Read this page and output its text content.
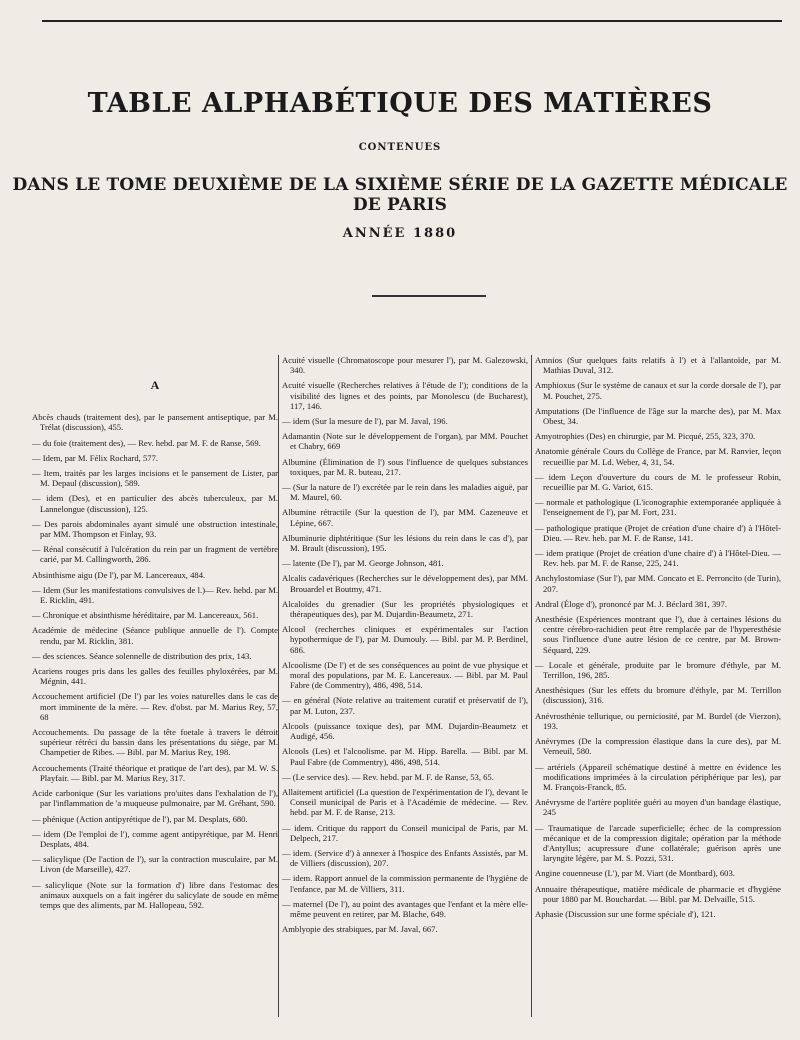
TABLE ALPHABÉTIQUE DES MATIÈRES
CONTENUES
DANS LE TOME DEUXIÈME DE LA SIXIÈME SÉRIE DE LA GAZETTE MÉDICALE DE PARIS
ANNÉE 1880
A
Abcès chauds (traitement des), par le pansement antiseptique, par M. Trélat (discussion), 455.
— du foie (traitement des), — Rev. hebd. par M. F. de Ranse, 569.
— Idem, par M. Félix Rochard, 577.
— Item, traités par les larges incisions et le pansement de Lister, par M. Depaul (discussion), 589.
— idem (Des), et en particulier des abcès tuberculeux, par M. Lannelongue (discussion), 125.
— Des parois abdominales ayant simulé une obstruction intestinale, par MM. Thompson et Finlay, 93.
— Rénal consécutif à l'ulcération du rein par un fragment de vertèbre carié, par M. Callingworth, 286.
Absinthisme aigu (De l'), par M. Lancereaux, 484.
— Idem (Sur les manifestations convulsives de l.)— Rev. hebd. par M. E. Ricklin, 491.
— Chronique et absinthisme héréditaire, par M. Lancereaux, 561.
Académie de médecine (Séance publique annuelle de l'). Compte rendu, par M. Ricklin, 381.
— des sciences. Séance solennelle de distribution des prix, 143.
Acariens rouges pris dans les galles des feuilles phyloxérées, par M. Mégnin, 441.
Accouchement artificiel (De l') par les voies naturelles dans le cas de mort imminente de la mère. — Rev. d'obst. par M. Marius Rey, 57, 68
Accouchements. Du passage de la tête foetale à travers le détroit supérieur rétréci du bassin dans les présentations du siège, par M. Champetier de Ribes. — Bibl. par M. Marius Rey, 198.
Accouchements (Traité théorique et pratique de l'art des), par M. W. S. Playfair. — Bibl. par M. Marius Rey, 317.
Acide carbonique (Sur les variations pro'uites dans l'exhalation de l'), par l'inflammation de 'a muqueuse pulmonaire, par M. Gréhant, 590.
— phénique (Action antipyrétique de l'), par M. Desplats, 680.
— idem (De l'emploi de l'), comme agent antipyrétique, par M. Henri Desplats, 484.
— salicylique (De l'action de l'), sur la contraction musculaire, par M. Livon (de Marseille), 427.
— salicylique (Note sur la formation d') libre dans l'estomac des animaux auxquels on a fait ingérer du salicylate de soude en même temps que des aliments, par M. Hallopeau, 592.
Acuité visuelle (Chromatoscope pour mesurer l'), par M. Galezowski, 340.
Acuité visuelle (Recherches relatives à l'étude de l'); conditions de la visibilité des lignes et des points, par Monolescu (de Bucharest), 117, 146.
— idem (Sur la mesure de l'), par M. Javal, 196.
Adamantin (Note sur le développement de l'organ), par MM. Pouchet et Chabry, 669
Albumine (Élimination de l') sous l'influence de quelques substances toxiques, par M. R. buteau, 217.
— (Sur la nature de l') excrétée par le rein dans les maladies aiguë, par M. Maurel, 60.
Albumine rétractile (Sur la question de l'), par MM. Cazeneuve et Lépine, 667.
Albuminurie diphtéritique (Sur les lésions du rein dans le cas d'), par M. Brault (discussion), 195.
— latente (De l'), par M. George Johnson, 481.
Alcalis cadavériques (Recherches sur le développement des), par MM. Brouardel et Boutmy, 471.
Alcaloïdes du grenadier (Sur les propriétés physiologiques et thérapeutiques des), par M. Dujardin-Beaumetz, 271.
Alcool (recherches cliniques et expérimentales sur l'action hypothermique de l'), par M. Dumouly. — Bibl. par M. P. Berdinel, 686.
Alcoolisme (De l') et de ses conséquences au point de vue physique et moral des populations, par M. E. Lancereaux. — Bibl. par M. Paul Fabre (de Commentry), 486, 498, 514.
— en général (Note relative au traitement curatif et préservatif de l'), par M. Luton, 237.
Alcools (puissance toxique des), par MM. Dujardin-Beaumetz et Audigé, 456.
Alcools (Les) et l'alcoolisme. par M. Hipp. Barella. — Bibl. par M. Paul Fabre (de Commentry), 486, 498, 514.
— (Le service des). — Rev. hebd. par M. F. de Ranse, 53, 65.
Allaitement artificiel (La question de l'expérimentation de l'), devant le Conseil municipal de Paris et à l'Académie de médecine. — Rev. hebd. par M. F. de Ranse, 213.
— idem. Critique du rapport du Conseil municipal de Paris, par M. Delpech, 217.
— idem. (Service d') à annexer à l'hospice des Enfants Assistés, par M. de Villiers (discussion), 207.
— idem. Rapport annuel de la commission permanente de l'hygiène de l'enfance, par M. de Villiers, 311.
— maternel (De l'), au point des avantages que l'enfant et la mère elle-même peuvent en retirer, par M. Blache, 649.
Amblyopie des strabiques, par M. Javal, 667.
Amnios (Sur quelques faits relatifs à l') et à l'allantoïde, par M. Mathias Duval, 312.
Amphioxus (Sur le système de canaux et sur la corde dorsale de l'), par M. Pouchet, 275.
Amputations (De l'influence de l'âge sur la marche des), par M. Max Obest, 34.
Amyotrophies (Des) en chirurgie, par M. Picqué, 255, 323, 370.
Anatomie générale Cours du Collège de France, par M. Ranvier, leçon recueillie par M. Ld. Weber, 4, 31, 54.
— idem Leçon d'ouverture du cours de M. le professeur Robin, recueillie par M. G. Variot, 615.
— normale et pathologique (L'iconographie extemporanée appliquée à l'enseignement de l'), par M. Fort, 231.
— pathologique pratique (Projet de création d'une chaire d') à l'Hôtel-Dieu. — Rev. heb. par M. F. de Ranse, 141.
— idem pratique (Projet de création d'une chaire d') à l'Hôtel-Dieu. — Rev. heb. par M. F. de Ranse, 225, 241.
Anchylostomiase (Sur l'), par MM. Concato et E. Perroncito (de Turin), 207.
Andral (Éloge d'), prononcé par M. J. Béclard 381, 397.
Anesthésie (Expériences montrant que l'), due à certaines lésions du centre cérébro-rachidien peut être remplacée par de l'hyperesthésie sous l'influence d'une autre lésion de ce centre, par M. Brown-Séquard, 229.
— Locale et générale, produite par le bromure d'éthyle, par M. Terrillon, 196, 285.
Anesthésiques (Sur les effets du bromure d'éthyle, par M. Terrillon (discussion), 316.
Anévrosthénie tellurique, ou perniciosité, par M. Burdel (de Vierzon), 193.
Anévrymes (De la compression élastique dans la cure des), par M. Verneuil, 580.
— artériels (Appareil schématique destiné à mettre en évidence les modifications imprimées à la circulation périphérique par les), par M. François-Franck, 85.
Anévrysme de l'artère poplitée guéri au moyen d'un bandage élastique, 245
— Traumatique de l'arcade superficielle; échec de la compression mécanique et de la compression digitale; opération par la méthode d'Antyllus; acupressure d'une collatérale; guérison après une laryngite légère, par M. S. Pozzi, 531.
Angine couenneuse (L'), par M. Viart (de Montbard), 603.
Annuaire thérapeutique, matière médicale de pharmacie et d'hygiène pour 1880 par M. Bouchardat. — Bibl. par M. Delvaille, 515.
Aphasie (Discussion sur une forme spéciale d'), 121.
